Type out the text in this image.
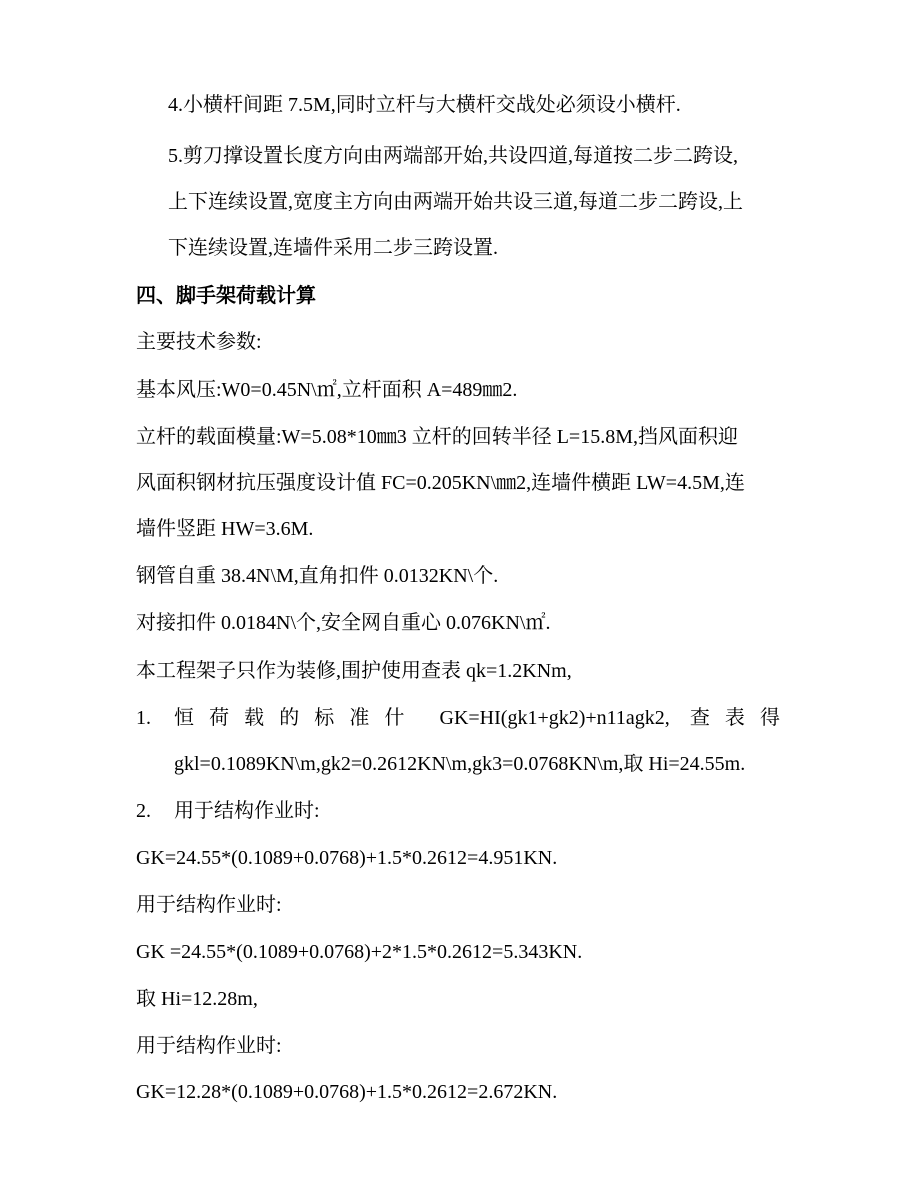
4.小横杆间距 7.5M,同时立杆与大横杆交战处必须设小横杆.
5.剪刀撑设置长度方向由两端部开始,共设四道,每道按二步二跨设,
上下连续设置,宽度主方向由两端开始共设三道,每道二步二跨设,上
下连续设置,连墙件采用二步三跨设置.
四、脚手架荷载计算
主要技术参数:
基本风压:W0=0.45N\㎡,立杆面积 A=489㎜2.
立杆的载面模量:W=5.08*10㎜3 立杆的回转半径 L=15.8M,挡风面积迎
风面积钢材抗压强度设计值 FC=0.205KN\㎜2,连墙件横距 LW=4.5M,连
墙件竖距 HW=3.6M.
钢管自重 38.4N\M,直角扣件 0.0132KN\个.
对接扣件 0.0184N\个,安全网自重心 0.076KN\㎡.
本工程架子只作为装修,围护使用查表 qk=1.2KNm,
1. 恒荷载的标准什 GK=HI(gk1+gk2)+n11agk2, 查表得
gkl=0.1089KN\m,gk2=0.2612KN\m,gk3=0.0768KN\m,取 Hi=24.55m.
2. 用于结构作业时:
GK=24.55*(0.1089+0.0768)+1.5*0.2612=4.951KN.
用于结构作业时:
GK =24.55*(0.1089+0.0768)+2*1.5*0.2612=5.343KN.
取 Hi=12.28m,
用于结构作业时:
GK=12.28*(0.1089+0.0768)+1.5*0.2612=2.672KN.
